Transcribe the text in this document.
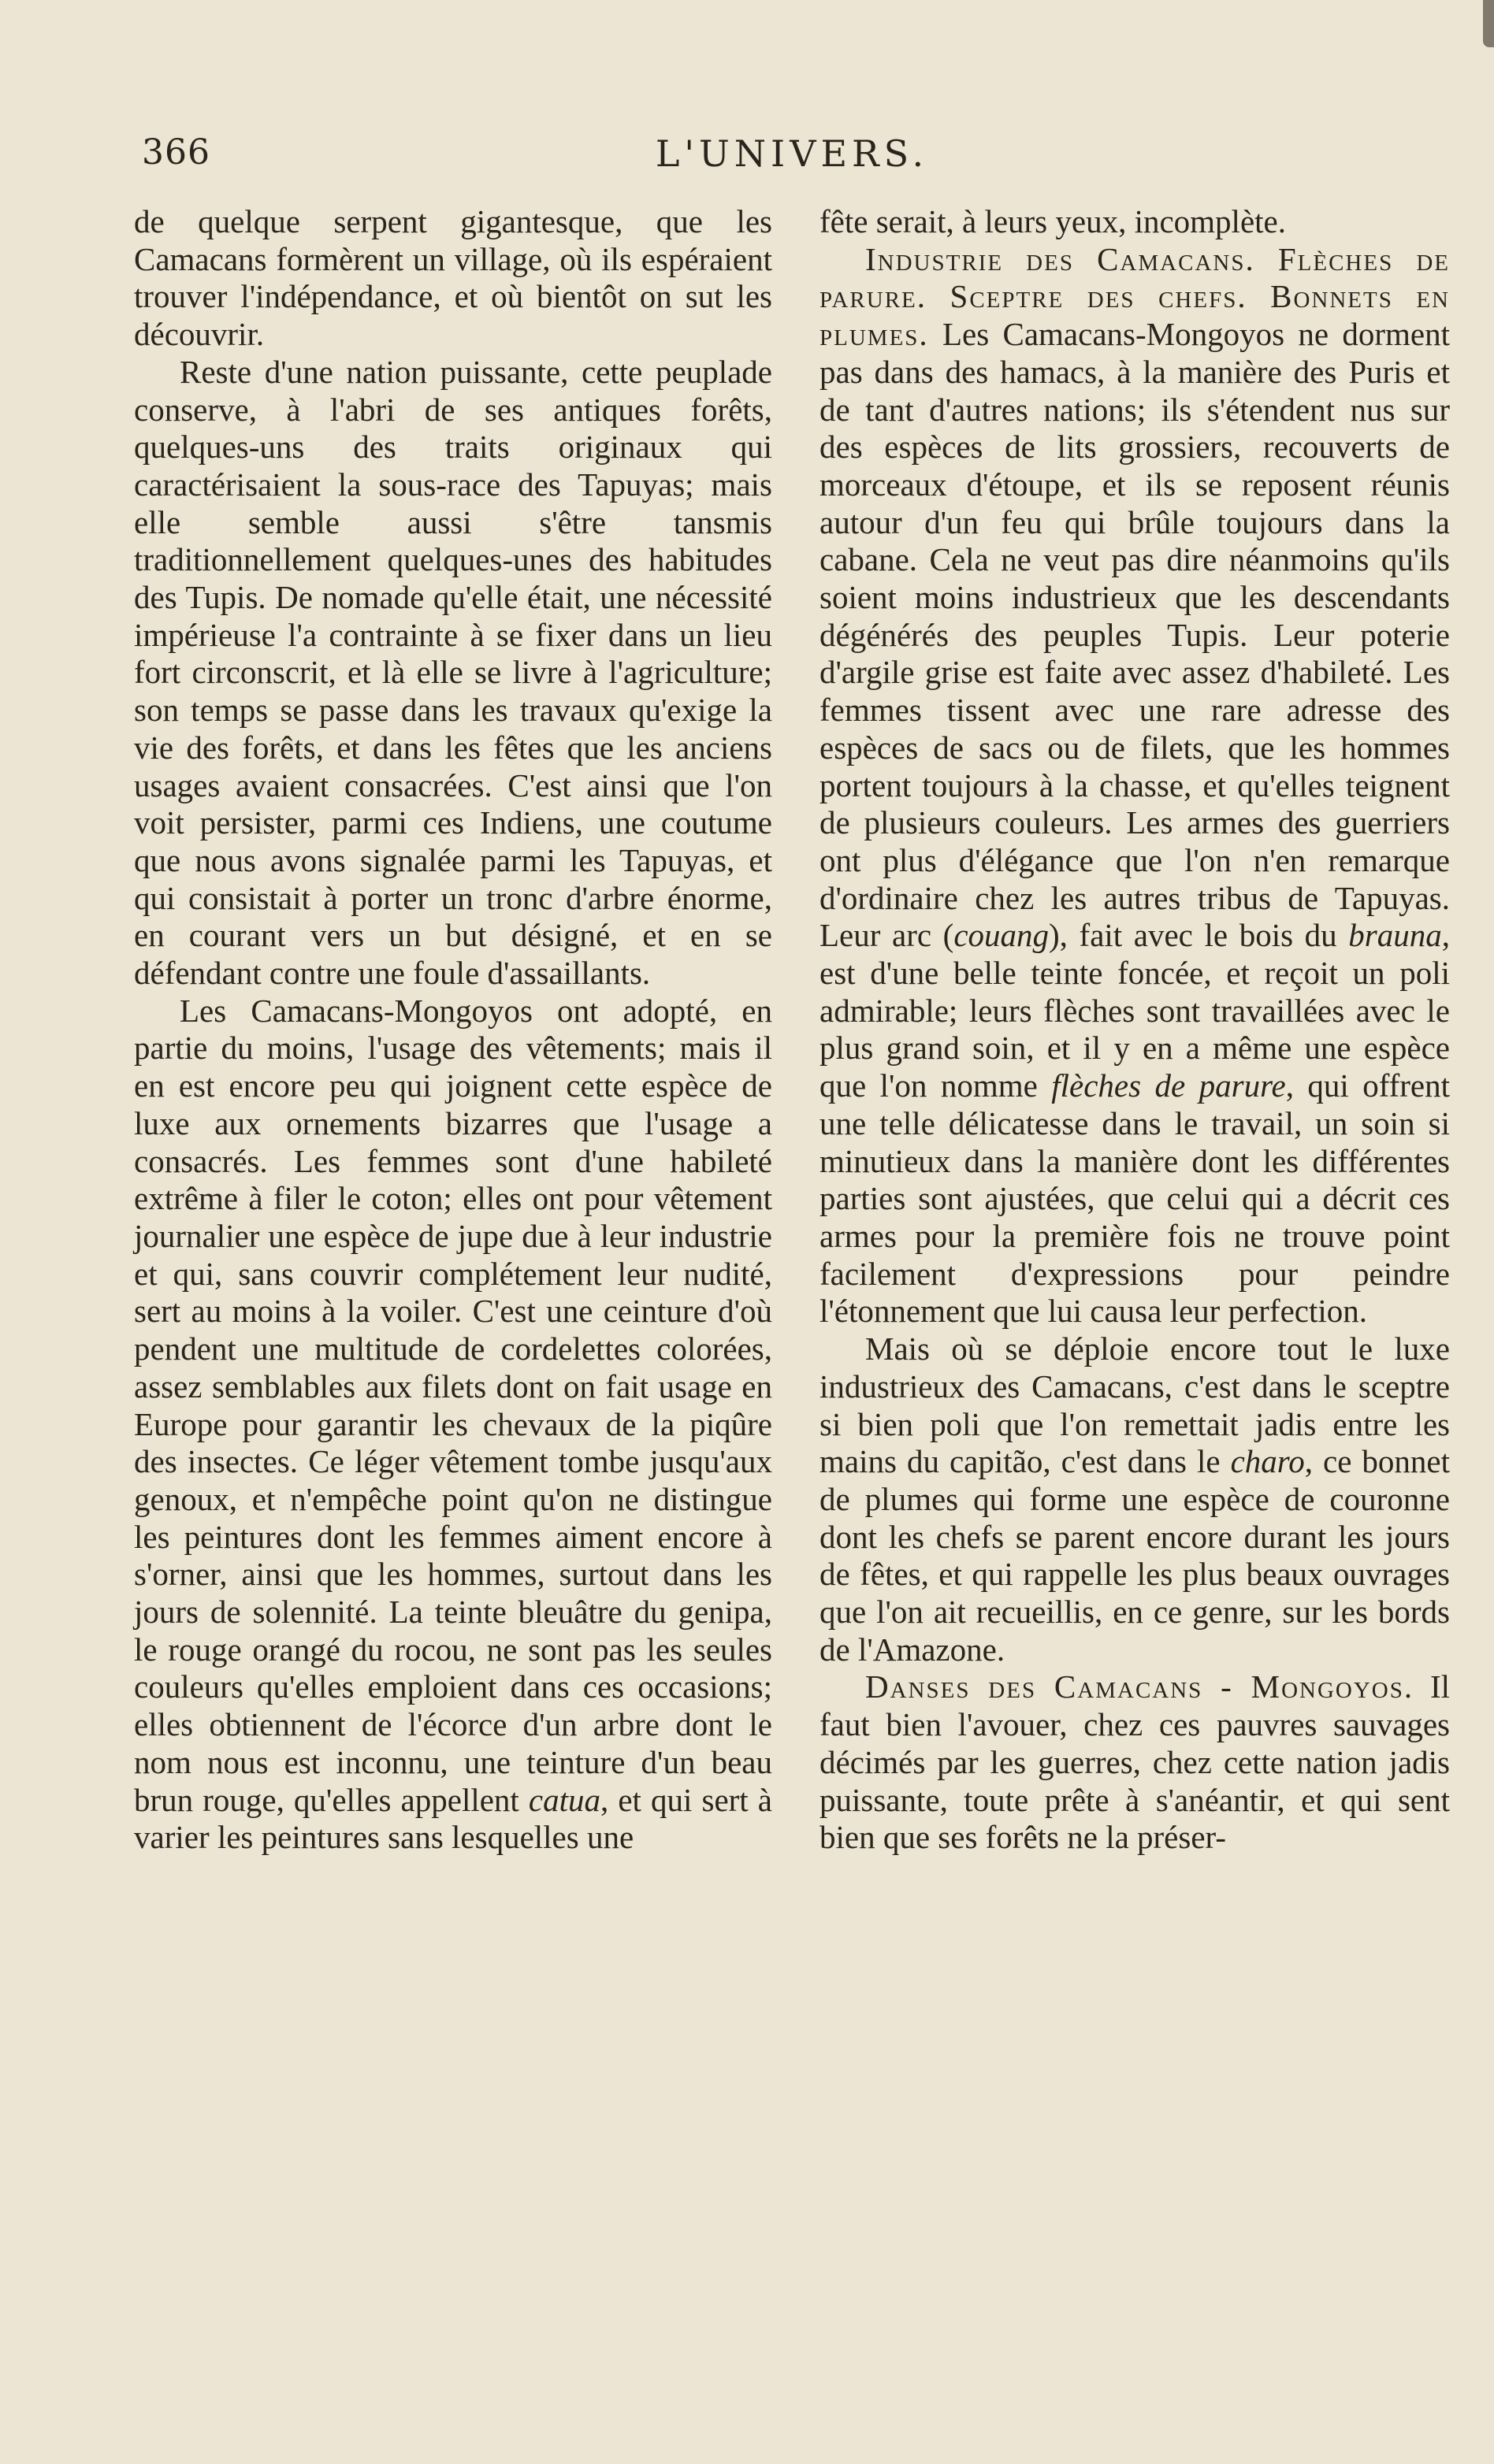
366	L'UNIVERS.

de quelque serpent gigantesque, que les Camacans formèrent un village, où ils espéraient trouver l'indépendance, et où bientôt on sut les découvrir.

Reste d'une nation puissante, cette peuplade conserve, à l'abri de ses antiques forêts, quelques-uns des traits originaux qui caractérisaient la sous-race des Tapuyas; mais elle semble aussi s'être tansmis traditionnellement quelques-unes des habitudes des Tupis. De nomade qu'elle était, une nécessité impérieuse l'a contrainte à se fixer dans un lieu fort circonscrit, et là elle se livre à l'agriculture; son temps se passe dans les travaux qu'exige la vie des forêts, et dans les fêtes que les anciens usages avaient consacrées. C'est ainsi que l'on voit persister, parmi ces Indiens, une coutume que nous avons signalée parmi les Tapuyas, et qui consistait à porter un tronc d'arbre énorme, en courant vers un but désigné, et en se défendant contre une foule d'assaillants.

Les Camacans-Mongoyos ont adopté, en partie du moins, l'usage des vêtements; mais il en est encore peu qui joignent cette espèce de luxe aux ornements bizarres que l'usage a consacrés. Les femmes sont d'une habileté extrême à filer le coton; elles ont pour vêtement journalier une espèce de jupe due à leur industrie et qui, sans couvrir complétement leur nudité, sert au moins à la voiler. C'est une ceinture d'où pendent une multitude de cordelettes colorées, assez semblables aux filets dont on fait usage en Europe pour garantir les chevaux de la piqûre des insectes. Ce léger vêtement tombe jusqu'aux genoux, et n'empêche point qu'on ne distingue les peintures dont les femmes aiment encore à s'orner, ainsi que les hommes, surtout dans les jours de solennité. La teinte bleuâtre du genipa, le rouge orangé du rocou, ne sont pas les seules couleurs qu'elles emploient dans ces occasions; elles obtiennent de l'écorce d'un arbre dont le nom nous est inconnu, une teinture d'un beau brun rouge, qu'elles appellent catua, et qui sert à varier les peintures sans lesquelles une

fête serait, à leurs yeux, incomplète.

Industrie des Camacans. Flèches de parure. Sceptre des chefs. Bonnets en plumes. Les Camacans-Mongoyos ne dorment pas dans des hamacs, à la manière des Puris et de tant d'autres nations; ils s'étendent nus sur des espèces de lits grossiers, recouverts de morceaux d'étoupe, et ils se reposent réunis autour d'un feu qui brûle toujours dans la cabane. Cela ne veut pas dire néanmoins qu'ils soient moins industrieux que les descendants dégénérés des peuples Tupis. Leur poterie d'argile grise est faite avec assez d'habileté. Les femmes tissent avec une rare adresse des espèces de sacs ou de filets, que les hommes portent toujours à la chasse, et qu'elles teignent de plusieurs couleurs. Les armes des guerriers ont plus d'élégance que l'on n'en remarque d'ordinaire chez les autres tribus de Tapuyas. Leur arc (couang), fait avec le bois du brauna, est d'une belle teinte foncée, et reçoit un poli admirable; leurs flèches sont travaillées avec le plus grand soin, et il y en a même une espèce que l'on nomme flèches de parure, qui offrent une telle délicatesse dans le travail, un soin si minutieux dans la manière dont les différentes parties sont ajustées, que celui qui a décrit ces armes pour la première fois ne trouve point facilement d'expressions pour peindre l'étonnement que lui causa leur perfection.

Mais où se déploie encore tout le luxe industrieux des Camacans, c'est dans le sceptre si bien poli que l'on remettait jadis entre les mains du capitão, c'est dans le charo, ce bonnet de plumes qui forme une espèce de couronne dont les chefs se parent encore durant les jours de fêtes, et qui rappelle les plus beaux ouvrages que l'on ait recueillis, en ce genre, sur les bords de l'Amazone.

Danses des Camacans - Mongoyos. Il faut bien l'avouer, chez ces pauvres sauvages décimés par les guerres, chez cette nation jadis puissante, toute prête à s'anéantir, et qui sent bien que ses forêts ne la préser-
